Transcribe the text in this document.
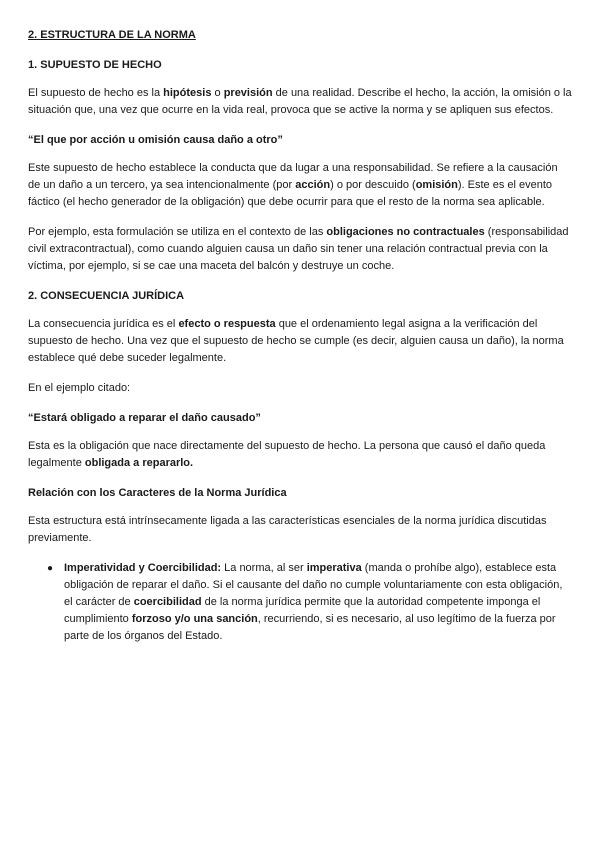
2. ESTRUCTURA DE LA NORMA

1. SUPUESTO DE HECHO

El supuesto de hecho es la hipótesis o previsión de una realidad. Describe el hecho, la acción, la omisión o la situación que, una vez que ocurre en la vida real, provoca que se active la norma y se apliquen sus efectos.

“El que por acción u omisión causa daño a otro”

Este supuesto de hecho establece la conducta que da lugar a una responsabilidad. Se refiere a la causación de un daño a un tercero, ya sea intencionalmente (por acción) o por descuido (omisión). Este es el evento fáctico (el hecho generador de la obligación) que debe ocurrir para que el resto de la norma sea aplicable.

Por ejemplo, esta formulación se utiliza en el contexto de las obligaciones no contractuales (responsabilidad civil extracontractual), como cuando alguien causa un daño sin tener una relación contractual previa con la víctima, por ejemplo, si se cae una maceta del balcón y destruye un coche.

2. CONSECUENCIA JURÍDICA

La consecuencia jurídica es el efecto o respuesta que el ordenamiento legal asigna a la verificación del supuesto de hecho. Una vez que el supuesto de hecho se cumple (es decir, alguien causa un daño), la norma establece qué debe suceder legalmente.

En el ejemplo citado:

“Estará obligado a reparar el daño causado”

Esta es la obligación que nace directamente del supuesto de hecho. La persona que causó el daño queda legalmente obligada a repararlo.

Relación con los Caracteres de la Norma Jurídica

Esta estructura está intrínsecamente ligada a las características esenciales de la norma jurídica discutidas previamente.

● Imperatividad y Coercibilidad: La norma, al ser imperativa (manda o prohíbe algo), establece esta obligación de reparar el daño. Si el causante del daño no cumple voluntariamente con esta obligación, el carácter de coercibilidad de la norma jurídica permite que la autoridad competente imponga el cumplimiento forzoso y/o una sanción, recurriendo, si es necesario, al uso legítimo de la fuerza por parte de los órganos del Estado.
